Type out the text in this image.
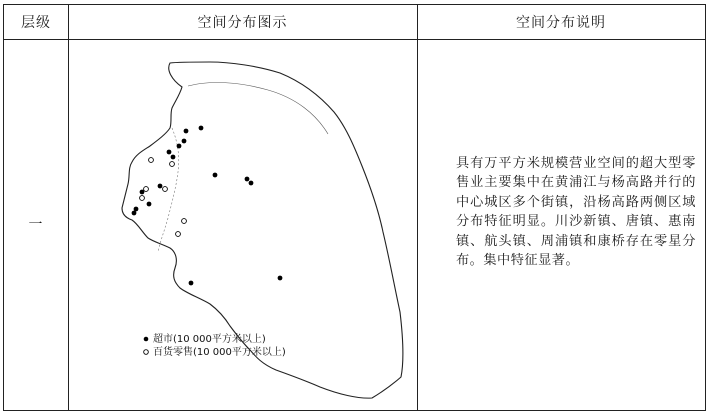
层级	空间分布图示	空间分布说明
一
具有万平方米规模营业空间的超大型零售业主要集中在黄浦江与杨高路并行的中心城区多个街镇，沿杨高路两侧区域分布特征明显。川沙新镇、唐镇、惠南镇、航头镇、周浦镇和康桥存在零星分布。集中特征显著。
超市(10 000平方米以上)
百货零售(10 000平方米以上)
